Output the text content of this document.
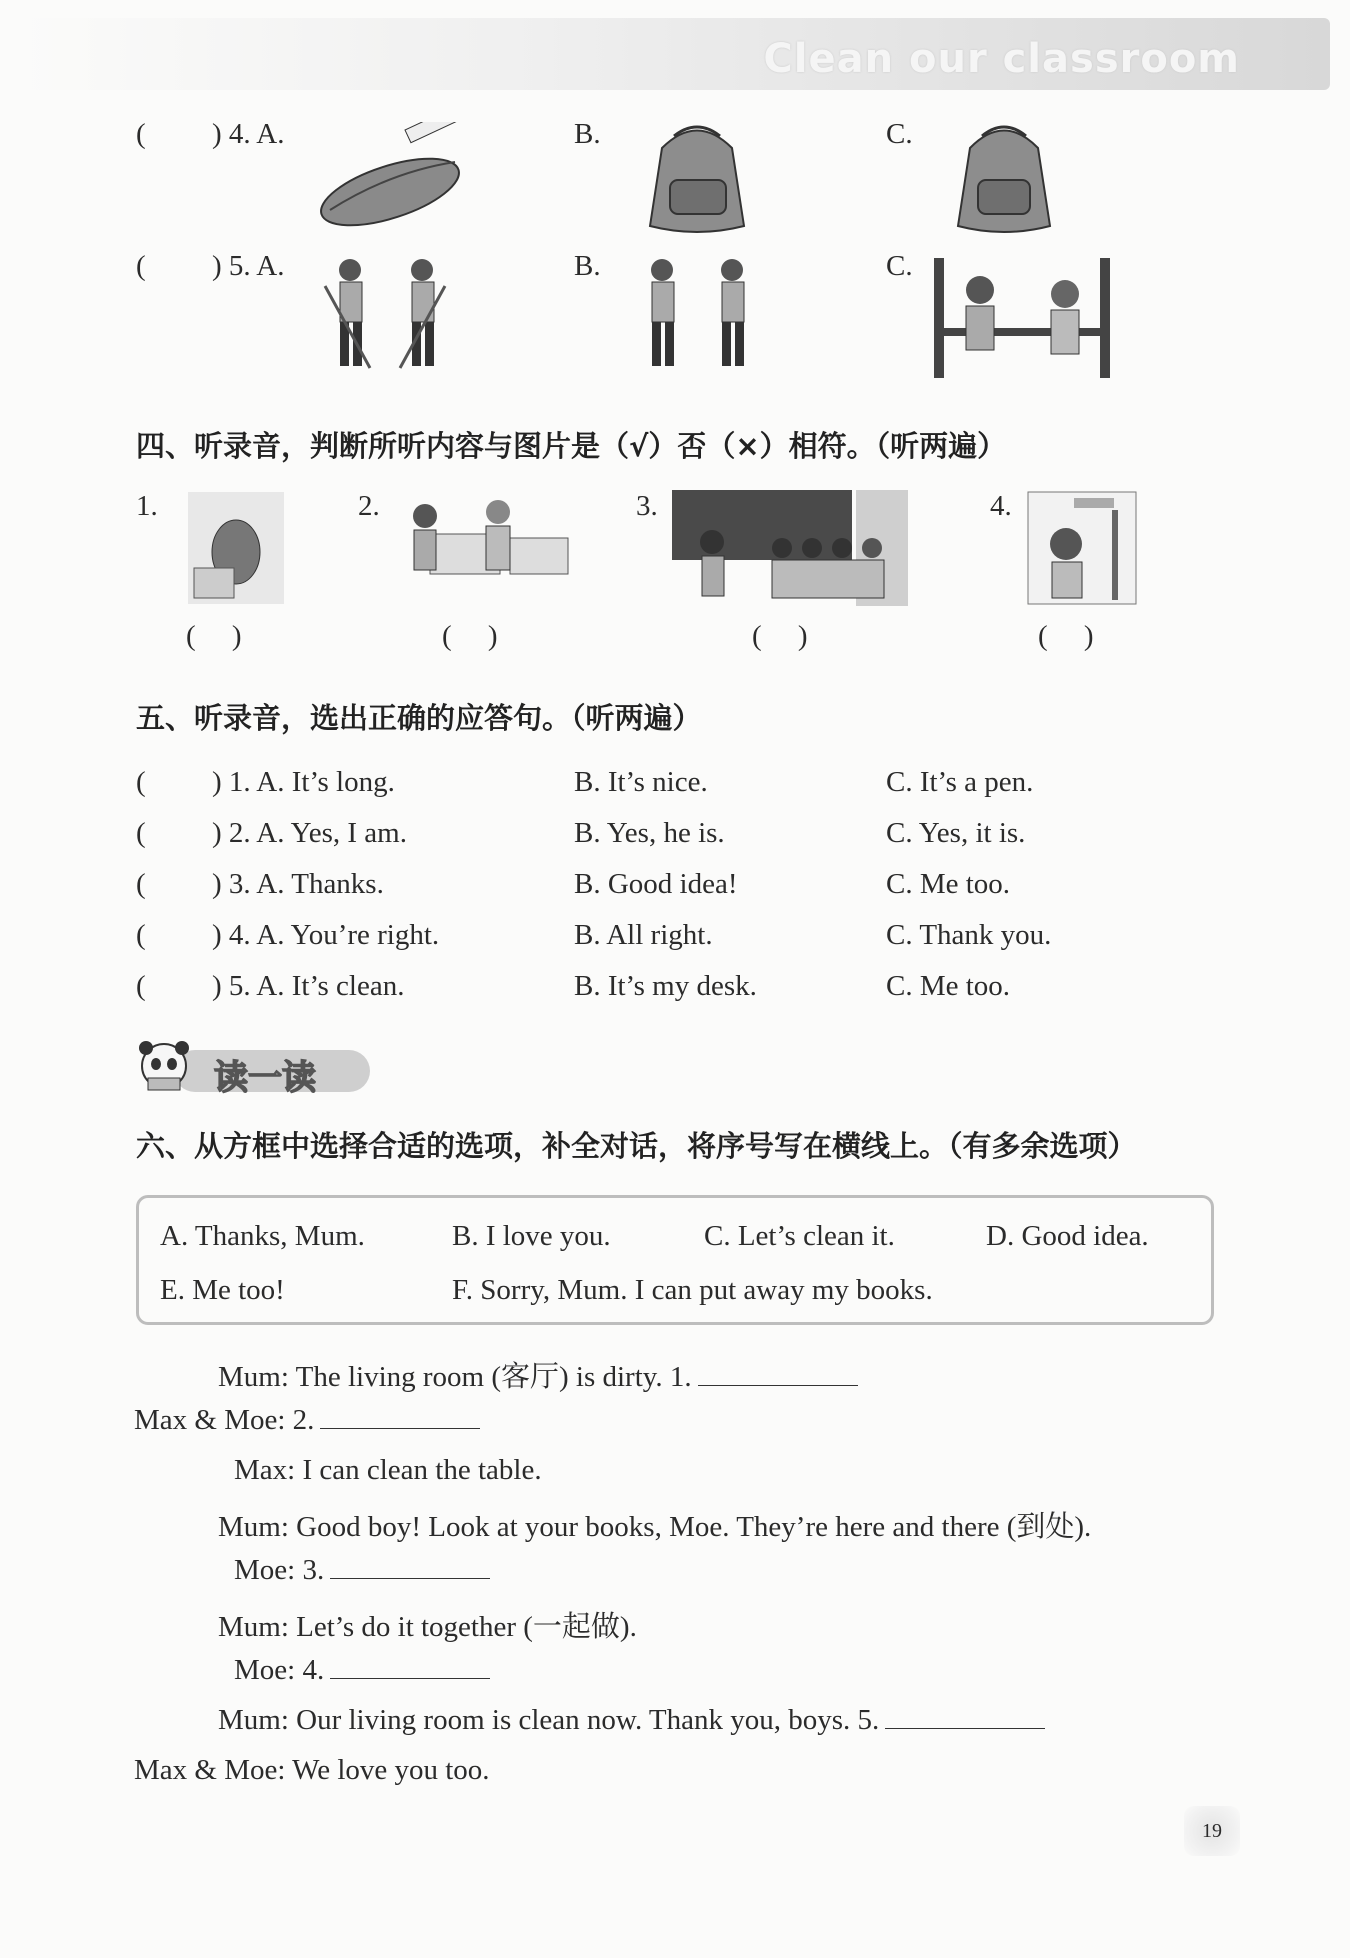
Clean our classroom
( ) 4. A.	B.	C.
( ) 5. A.	B.	C.
四、听录音，判断所听内容与图片是（√）否（×）相符。（听两遍）
1.
(     )
2.
(     )
3.
(     )
4.
(     )
五、听录音，选出正确的应答句。（听两遍）
( ) 1. A. It’s long.	B. It’s nice.	C. It’s a pen.
( ) 2. A. Yes, I am.	B. Yes, he is.	C. Yes, it is.
( ) 3. A. Thanks.	B. Good idea!	C. Me too.
( ) 4. A. You’re right.	B. All right.	C. Thank you.
( ) 5. A. It’s clean.	B. It’s my desk.	C. Me too.
读一读
六、从方框中选择合适的选项，补全对话，将序号写在横线上。（有多余选项）
A. Thanks, Mum.	B. I love you.	C. Let’s clean it.	D. Good idea.
E. Me too!	F. Sorry, Mum. I can put away my books.
Mum: The living room (客厅) is dirty. 1.
Max & Moe: 2.
Max: I can clean the table.
Mum: Good boy! Look at your books, Moe. They’re here and there (到处).
Moe: 3.
Mum: Let’s do it together (一起做).
Moe: 4.
Mum: Our living room is clean now. Thank you, boys. 5.
Max & Moe: We love you too.
19
